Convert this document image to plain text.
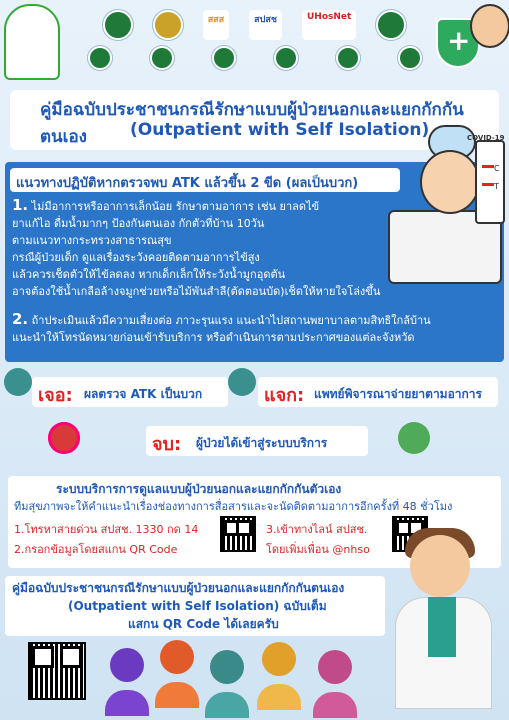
+
สสส	สปสช	UHosNet
คู่มือฉบับประชาชนกรณีรักษาแบบผู้ป่วยนอกและแยกกักกันตนเอง	(Outpatient with Self Isolation)
แนวทางปฏิบัติหากตรวจพบ ATK แล้วขึ้น 2 ขีด (ผลเป็นบวก)
1. ไม่มีอาการหรืออาการเล็กน้อย รักษาตามอาการ เช่น ยาลดไข้
ยาแก้ไอ ดื่มน้ำมากๆ ป้องกันตนเอง กักตัวที่บ้าน 10วัน
ตามแนวทางกระทรวงสาธารณสุข
กรณีผู้ป่วยเด็ก ดูแลเรื่องระวังคอยติดตามอาการไข้สูง
แล้วควรเช็ดตัวให้ไข้ลดลง หากเด็กเล็กให้ระวังน้ำมูกอุดตัน
อาจต้องใช้น้ำเกลือล้างจมูกช่วยหรือไม้พันสำลี(ตัดตอนบัด)เช็ดให้หายใจโล่งขึ้น
2. ถ้าประเมินแล้วมีความเสี่ยงต่อ ภาวะรุนแรง แนะนำไปสถานพยาบาลตามสิทธิใกล้บ้าน
แนะนำให้โทรนัดหมายก่อนเข้ารับบริการ หรือดำเนินการตามประกาศของแต่ละจังหวัด
C
T
COVID-19
เจอ: ผลตรวจ ATK เป็นบวก	แจก: แพทย์พิจารณาจ่ายยาตามอาการ
จบ: ผู้ป่วยได้เข้าสู่ระบบบริการ
ระบบบริการการดูแลแบบผู้ป่วยนอกและแยกกักกันตัวเอง
ทีมสุขภาพจะให้คำแนะนำเรื่องช่องทางการสื่อสารและจะนัดติดตามอาการอีกครั้งที่ 48 ชั่วโมง
1.โทรหาสายด่วน สปสช. 1330 กด 14
2.กรอกข้อมูลโดยสแกน QR Code
3.เข้าทางไลน์ สปสช.
โดยเพิ่มเพื่อน @nhso
คู่มือฉบับประชาชนกรณีรักษาแบบผู้ป่วยนอกและแยกกักกันตนเอง
(Outpatient with Self Isolation) ฉบับเต็ม
แสกน QR Code ได้เลยครับ
